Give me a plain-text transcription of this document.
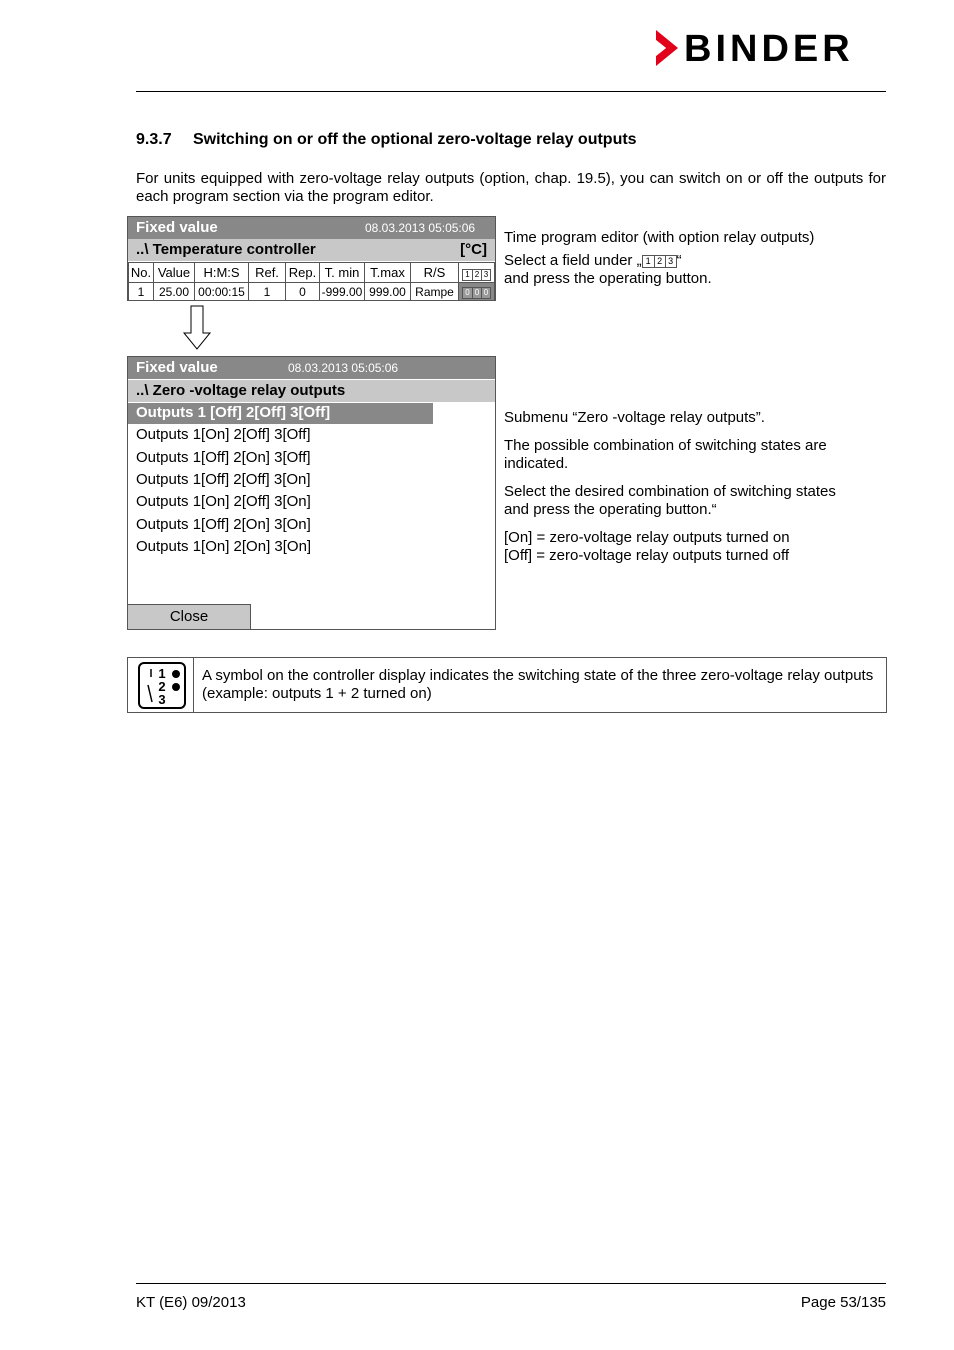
BINDER
9.3.7 Switching on or off the optional zero-voltage relay outputs
For units equipped with zero-voltage relay outputs (option, chap. 19.5), you can switch on or off the outputs for each program section via the program editor.
Fixed value	08.03.2013 05:05:06
..\ Temperature controller	[°C]
No.	Value	H:M:S	Ref.	Rep.	T. min	T.max	R/S	1 2 3

1	25.00	00:00:15	1	0	-999.00	999.00	Rampe	0 0 0
Time program editor (with option relay outputs)
Select a field under „ 1 2 3 “
and press the operating button.
Fixed value	08.03.2013 05:05:06
..\ Zero -voltage relay outputs
Outputs 1 [Off] 2[Off] 3[Off]
Outputs 1[On] 2[Off] 3[Off]
Outputs 1[Off] 2[On] 3[Off]
Outputs 1[Off] 2[Off] 3[On]
Outputs 1[On] 2[Off] 3[On]
Outputs 1[Off] 2[On] 3[On]
Outputs 1[On] 2[On] 3[On]
Close
Submenu “Zero -voltage relay outputs”.
The possible combination of switching states are
indicated.
Select the desired combination of switching states
and press the operating button.“
[On] = zero-voltage relay outputs turned on
[Off] = zero-voltage relay outputs turned off
1
2
3
A symbol on the controller display indicates the switching state of the three zero-voltage relay outputs (example: outputs 1 + 2 turned on)
KT (E6) 09/2013	Page 53/135
